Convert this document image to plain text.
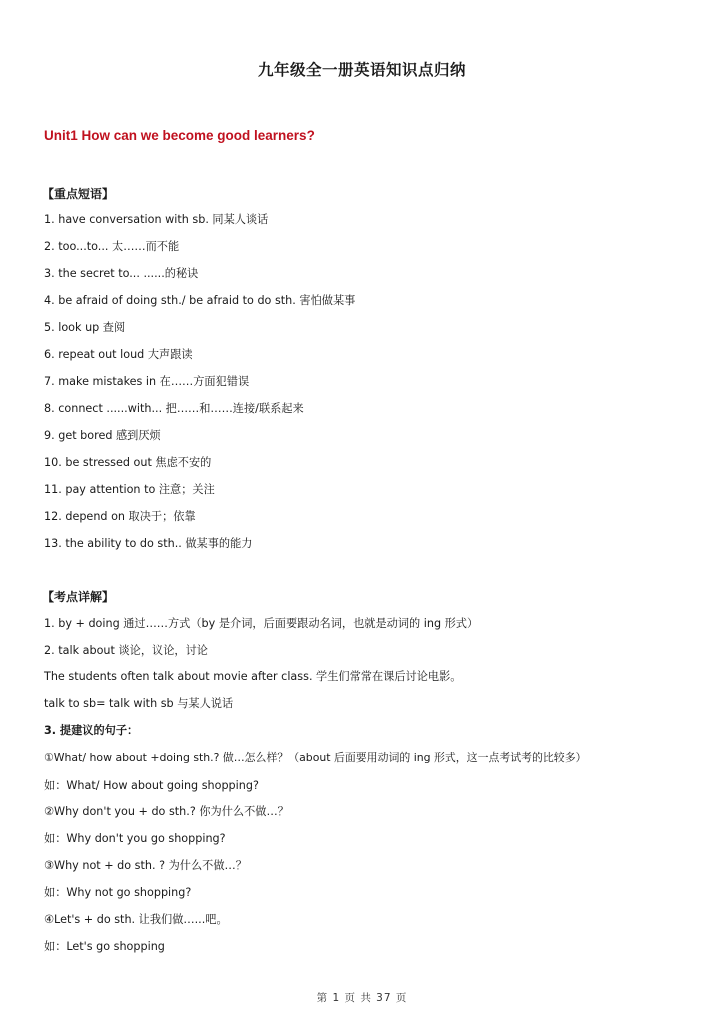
九年级全一册英语知识点归纳
Unit1 How can we become good learners?
【重点短语】
1. have conversation with sb. 同某人谈话
2. too...to... 太……而不能
3. the secret to... ......的秘诀
4. be afraid of doing sth./ be afraid to do sth. 害怕做某事
5. look up 查阅
6. repeat out loud 大声跟读
7. make mistakes in 在……方面犯错误
8. connect ......with... 把……和……连接/联系起来
9. get bored 感到厌烦
10. be stressed out 焦虑不安的
11. pay attention to 注意；关注
12. depend on 取决于；依靠
13. the ability to do sth.. 做某事的能力
【考点详解】
1. by + doing 通过……方式（by 是介词，后面要跟动名词，也就是动词的 ing 形式）
2. talk about 谈论，议论，讨论
The students often talk about movie after class. 学生们常常在课后讨论电影。
talk to sb= talk with sb 与某人说话
3. 提建议的句子：
①What/ how about +doing sth.? 做…怎么样？（about 后面要用动词的 ing 形式，这一点考试考的比较多）
如：What/ How about going shopping?
②Why don't you + do sth.? 你为什么不做…？
如：Why don't you go shopping?
③Why not + do sth. ? 为什么不做…？
如：Why not go shopping?
④Let's + do sth. 让我们做…...吧。
如：Let's go shopping
第 1 页 共 37 页
